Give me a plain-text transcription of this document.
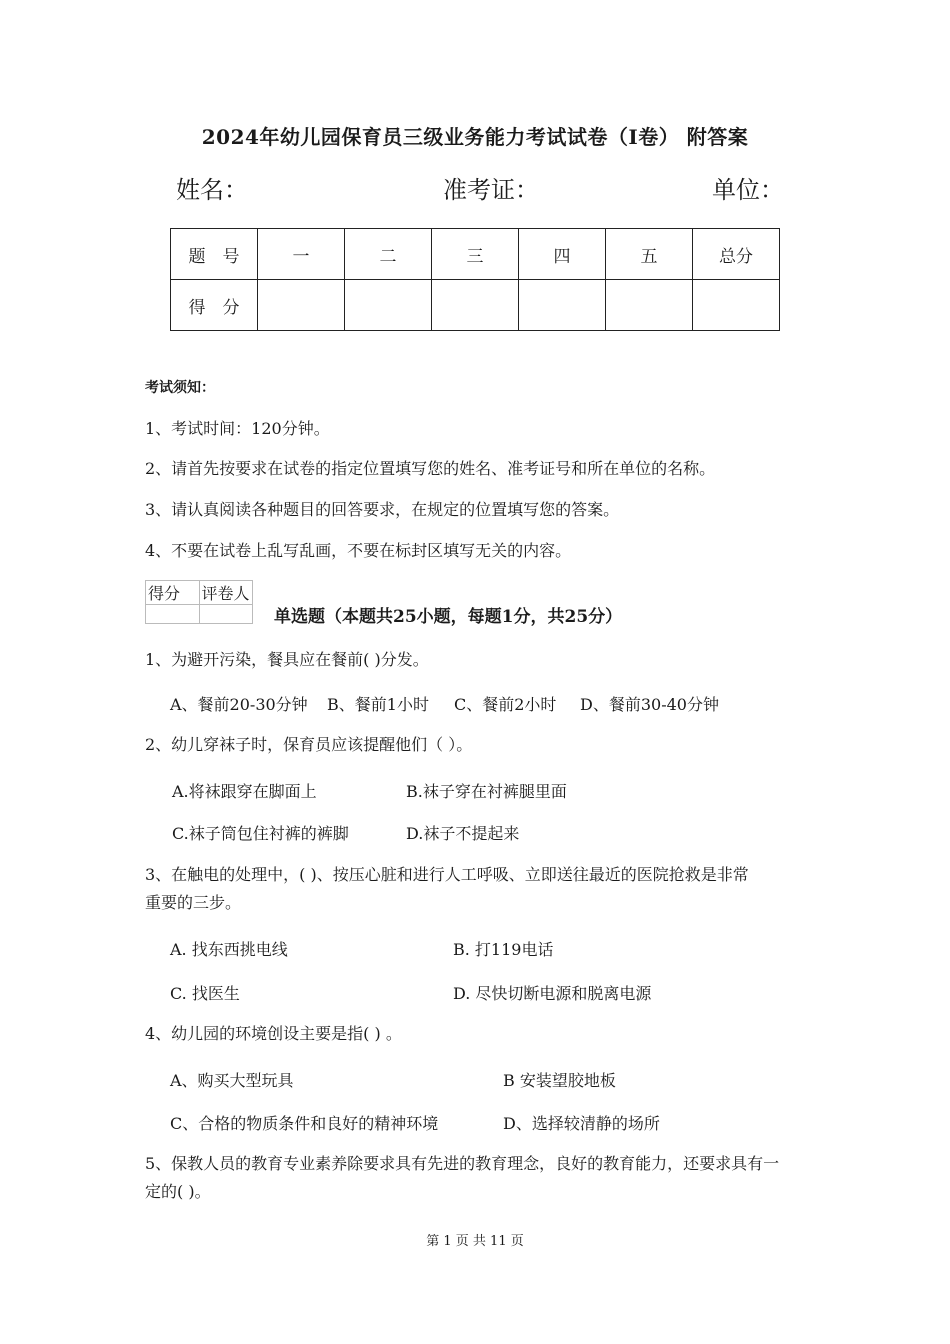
2024年幼儿园保育员三级业务能力考试试卷（I卷） 附答案
姓名：	准考证：	单位：
题　号	一	二	三	四	五	总分
得　分						
考试须知：
1、考试时间：120分钟。
2、请首先按要求在试卷的指定位置填写您的姓名、准考证号和所在单位的名称。
3、请认真阅读各种题目的回答要求，在规定的位置填写您的答案。
4、不要在试卷上乱写乱画，不要在标封区填写无关的内容。
得分	评卷人

单选题（本题共25小题，每题1分，共25分）
1、为避开污染，餐具应在餐前( )分发。
A、餐前20-30分钟 B、餐前1小时 C、餐前2小时 D、餐前30-40分钟
2、幼儿穿袜子时，保育员应该提醒他们（ ）。
A.将袜跟穿在脚面上	B.袜子穿在衬裤腿里面
C.袜子筒包住衬裤的裤脚	D.袜子不提起来
3、在触电的处理中，( )、按压心脏和进行人工呼吸、立即送往最近的医院抢救是非常
重要的三步。
A. 找东西挑电线	B. 打119电话
C. 找医生	D. 尽快切断电源和脱离电源
4、幼儿园的环境创设主要是指( ) 。
A、购买大型玩具	B 安装望胶地板
C、合格的物质条件和良好的精神环境	D、选择较清静的场所
5、保教人员的教育专业素养除要求具有先进的教育理念，良好的教育能力，还要求具有一
定的( )。
第 1 页 共 11 页
